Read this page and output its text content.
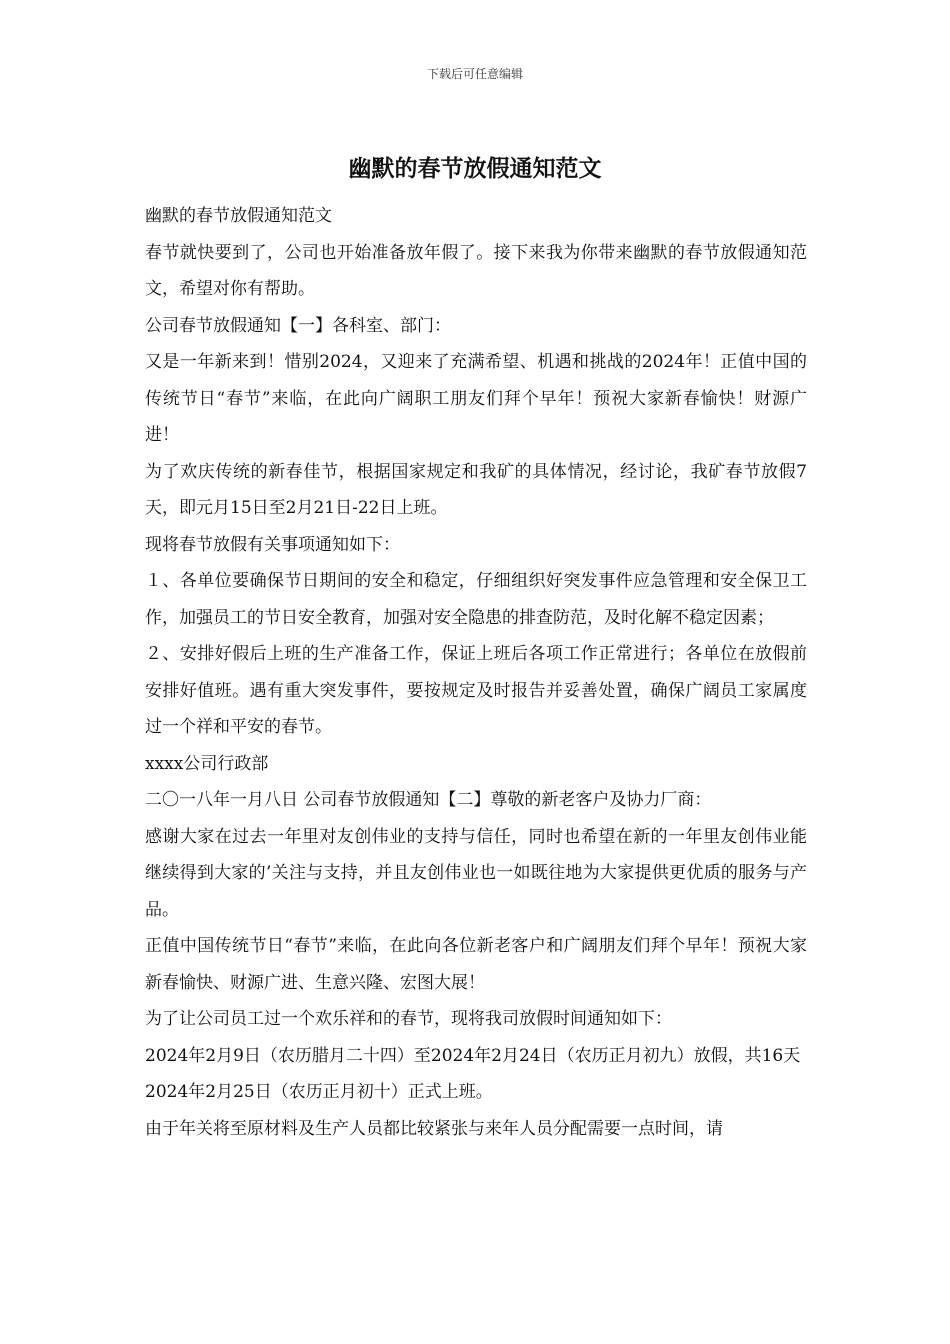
下载后可任意编辑
幽默的春节放假通知范文

幽默的春节放假通知范文

春节就快要到了，公司也开始准备放年假了。接下来我为你带来幽默的春节放假通知范文，希望对你有帮助。

公司春节放假通知【一】各科室、部门：

又是一年新来到！惜别2024，又迎来了充满希望、机遇和挑战的2024年！正值中国的传统节日“春节”来临，在此向广阔职工朋友们拜个早年！预祝大家新春愉快！财源广进！

为了欢庆传统的新春佳节，根据国家规定和我矿的具体情况，经讨论，我矿春节放假7天，即元月15日至2月21日-22日上班。

现将春节放假有关事项通知如下：

１、各单位要确保节日期间的安全和稳定，仔细组织好突发事件应急管理和安全保卫工作，加强员工的节日安全教育，加强对安全隐患的排查防范，及时化解不稳定因素；

２、安排好假后上班的生产准备工作，保证上班后各项工作正常进行；各单位在放假前安排好值班。遇有重大突发事件，要按规定及时报告并妥善处置，确保广阔员工家属度过一个祥和平安的春节。

xxxx公司行政部

二〇一八年一月八日 公司春节放假通知【二】尊敬的新老客户及协力厂商：

感谢大家在过去一年里对友创伟业的支持与信任，同时也希望在新的一年里友创伟业能继续得到大家的’关注与支持，并且友创伟业也一如既往地为大家提供更优质的服务与产品。

正值中国传统节日“春节”来临，在此向各位新老客户和广阔朋友们拜个早年！预祝大家新春愉快、财源广进、生意兴隆、宏图大展！

为了让公司员工过一个欢乐祥和的春节，现将我司放假时间通知如下：

2024年2月9日（农历腊月二十四）至2024年2月24日（农历正月初九）放假，共16天

2024年2月25日（农历正月初十）正式上班。

由于年关将至原材料及生产人员都比较紧张与来年人员分配需要一点时间，请
